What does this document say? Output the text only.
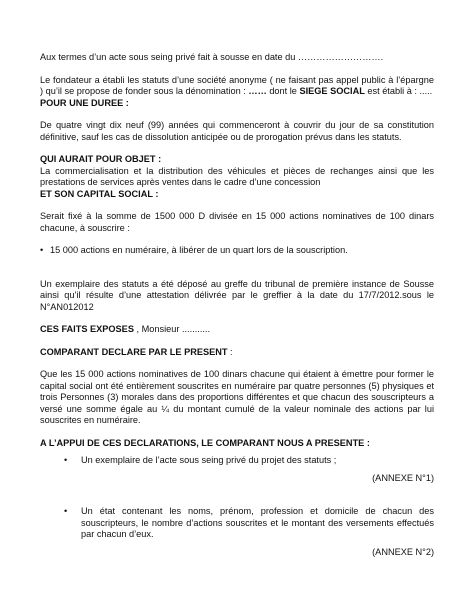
Aux termes d’un acte sous seing privé fait à sousse en date du ……………………….

Le fondateur a établi les statuts d’une société anonyme ( ne faisant pas appel public à l’épargne ) qu’il se propose de fonder sous la dénomination : …… dont le SIEGE SOCIAL est établi à : .....

POUR UNE DUREE :

De quatre vingt dix neuf (99) années qui commenceront à couvrir du jour de sa constitution définitive, sauf les cas de dissolution anticipée ou de prorogation prévus dans les statuts.

QUI AURAIT POUR OBJET :

La commercialisation et la distribution des véhicules et pièces de rechanges ainsi que les prestations de services après ventes dans le cadre d’une concession

ET SON CAPITAL SOCIAL :

Serait fixé à la somme de 1500 000 D divisée en 15 000 actions nominatives de 100 dinars chacune, à souscrire :

• 15 000 actions en numéraire, à libérer de un quart lors de la souscription.

Un exemplaire des statuts a été déposé au greffe du tribunal de première instance de Sousse ainsi qu’il résulte d’une attestation délivrée par le greffier à la date du 17/7/2012.sous le N°AN012012

CES FAITS EXPOSES , Monsieur ...........

COMPARANT DECLARE PAR LE PRESENT :

Que les 15 000 actions nominatives de 100 dinars chacune qui étaient à émettre pour former le capital social ont été entièrement souscrites en numéraire par quatre personnes (5) physiques et trois Personnes (3) morales dans des proportions différentes et que chacun des souscripteurs a versé une somme égale au ¼ du montant cumulé de la valeur nominale des actions par lui souscrites en numéraire.

A L’APPUI DE CES DECLARATIONS, LE COMPARANT NOUS A PRESENTE :

•	Un exemplaire de l’acte sous seing privé du projet des statuts ;

(ANNEXE N°1)

•	Un état contenant les noms, prénom, profession et domicile de chacun des souscripteurs, le nombre d’actions souscrites et le montant des versements effectués par chacun d’eux.

(ANNEXE N°2)
